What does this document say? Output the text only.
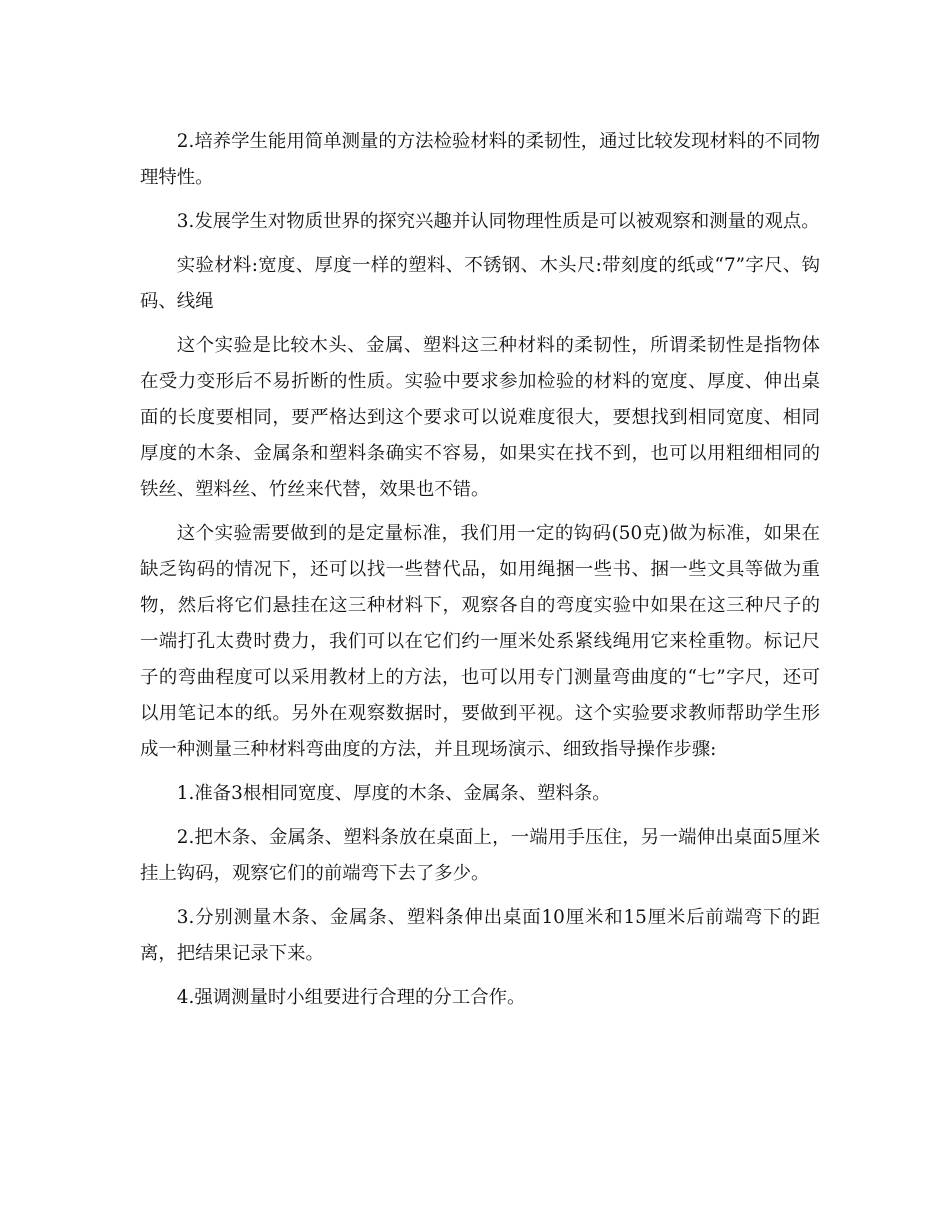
2.培养学生能用简单测量的方法检验材料的柔韧性，通过比较发现材料的不同物理特性。

3.发展学生对物质世界的探究兴趣并认同物理性质是可以被观察和测量的观点。

实验材料:宽度、厚度一样的塑料、不锈钢、木头尺:带刻度的纸或“7”字尺、钩码、线绳

这个实验是比较木头、金属、塑料这三种材料的柔韧性，所谓柔韧性是指物体在受力变形后不易折断的性质。实验中要求参加检验的材料的宽度、厚度、伸出桌面的长度要相同，要严格达到这个要求可以说难度很大，要想找到相同宽度、相同厚度的木条、金属条和塑料条确实不容易，如果实在找不到，也可以用粗细相同的铁丝、塑料丝、竹丝来代替，效果也不错。

这个实验需要做到的是定量标准，我们用一定的钩码(50克)做为标准，如果在缺乏钩码的情况下，还可以找一些替代品，如用绳捆一些书、捆一些文具等做为重物，然后将它们悬挂在这三种材料下，观察各自的弯度实验中如果在这三种尺子的一端打孔太费时费力，我们可以在它们约一厘米处系紧线绳用它来栓重物。标记尺子的弯曲程度可以采用教材上的方法，也可以用专门测量弯曲度的“七”字尺，还可以用笔记本的纸。另外在观察数据时，要做到平视。这个实验要求教师帮助学生形成一种测量三种材料弯曲度的方法，并且现场演示、细致指导操作步骤:

1.准备3根相同宽度、厚度的木条、金属条、塑料条。

2.把木条、金属条、塑料条放在桌面上，一端用手压住，另一端伸出桌面5厘米挂上钩码，观察它们的前端弯下去了多少。

3.分别测量木条、金属条、塑料条伸出桌面10厘米和15厘米后前端弯下的距离，把结果记录下来。

4.强调测量时小组要进行合理的分工合作。
